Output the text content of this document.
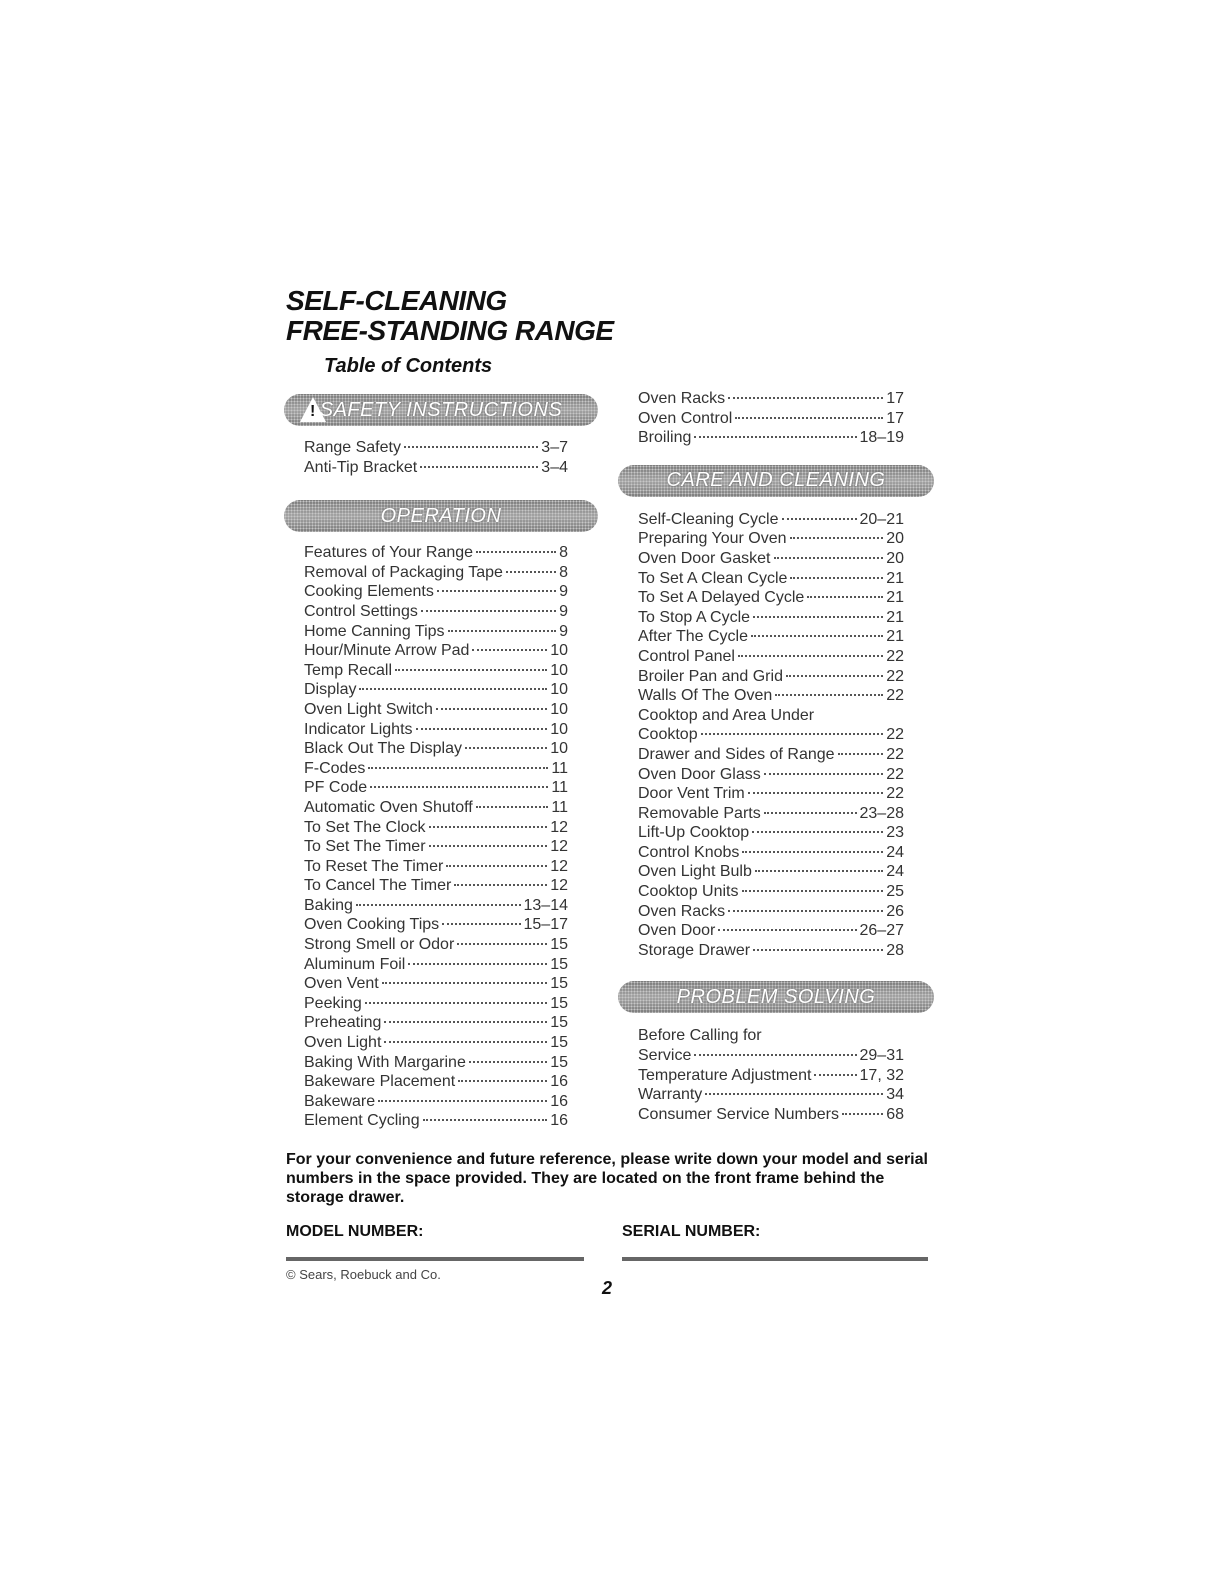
SELF-CLEANING
FREE-STANDING RANGE
Table of Contents
!
SAFETY INSTRUCTIONS
Range Safety	3–7
Anti-Tip Bracket	3–4
OPERATION
Features of Your Range	8
Removal of Packaging Tape	8
Cooking Elements	9
Control Settings	9
Home Canning Tips	9
Hour/Minute Arrow Pad	10
Temp Recall	10
Display	10
Oven Light Switch	10
Indicator Lights	10
Black Out The Display	10
F-Codes	11
PF Code	11
Automatic Oven Shutoff	11
To Set The Clock	12
To Set The Timer	12
To Reset The Timer	12
To Cancel The Timer	12
Baking	13–14
Oven Cooking Tips	15–17
Strong Smell or Odor	15
Aluminum Foil	15
Oven Vent	15
Peeking	15
Preheating	15
Oven Light	15
Baking With Margarine	15
Bakeware Placement	16
Bakeware	16
Element Cycling	16
Oven Racks	17
Oven Control	17
Broiling	18–19
CARE AND CLEANING
Self-Cleaning Cycle	20–21
Preparing Your Oven	20
Oven Door Gasket	20
To Set A Clean Cycle	21
To Set A Delayed Cycle	21
To Stop A Cycle	21
After The Cycle	21
Control Panel	22
Broiler Pan and Grid	22
Walls Of The Oven	22
Cooktop and Area Under
Cooktop	22
Drawer and Sides of Range	22
Oven Door Glass	22
Door Vent Trim	22
Removable Parts	23–28
Lift-Up Cooktop	23
Control Knobs	24
Oven Light Bulb	24
Cooktop Units	25
Oven Racks	26
Oven Door	26–27
Storage Drawer	28
PROBLEM SOLVING
Before Calling for
Service	29–31
Temperature Adjustment	17, 32
Warranty	34
Consumer Service Numbers	68

For your convenience and future reference, please write down your model and serial numbers in the space provided. They are located on the front frame behind the storage drawer.

MODEL NUMBER:	SERIAL NUMBER:

© Sears, Roebuck and Co.

2
